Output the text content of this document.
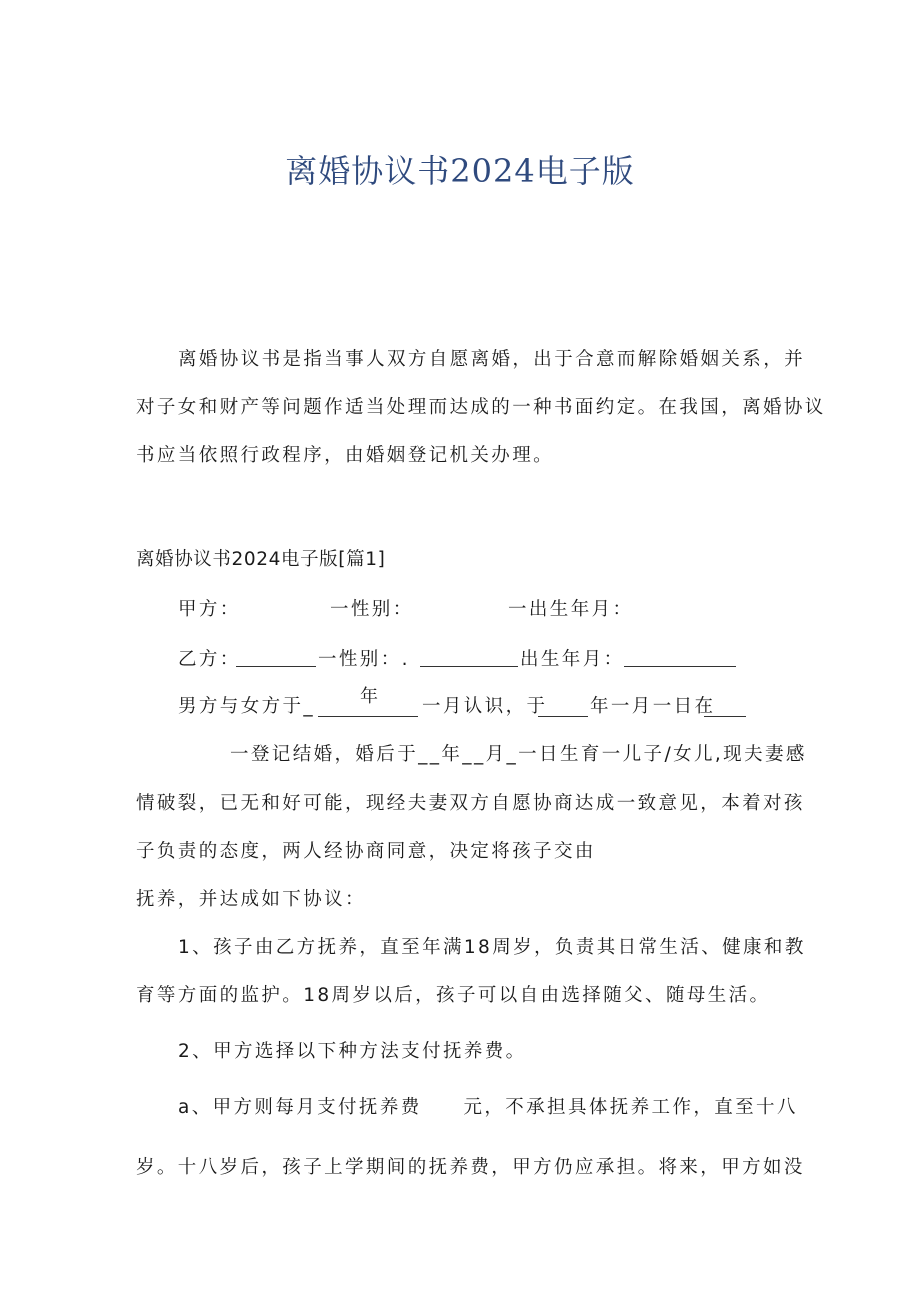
离婚协议书2024电子版
离婚协议书是指当事人双方自愿离婚，出于合意而解除婚姻关系，并
对子女和财产等问题作适当处理而达成的一种书面约定。在我国，离婚协议
书应当依照行政程序，由婚姻登记机关办理。
离婚协议书2024电子版[篇1]
甲方：	一性别：	一出生年月：
乙方：	一性别：.	出生年月：
男方与女方于_ 年 一月认识，于 年一月一日在
一登记结婚，婚后于__年__月_一日生育一儿子/女儿,现夫妻感
情破裂，已无和好可能，现经夫妻双方自愿协商达成一致意见，本着对孩
子负责的态度，两人经协商同意，决定将孩子交由
抚养，并达成如下协议：
1、孩子由乙方抚养，直至年满18周岁，负责其日常生活、健康和教
育等方面的监护。18周岁以后，孩子可以自由选择随父、随母生活。
2、甲方选择以下种方法支付抚养费。
a、甲方则每月支付抚养费　　元，不承担具体抚养工作，直至十八
岁。十八岁后，孩子上学期间的抚养费，甲方仍应承担。将来，甲方如没
